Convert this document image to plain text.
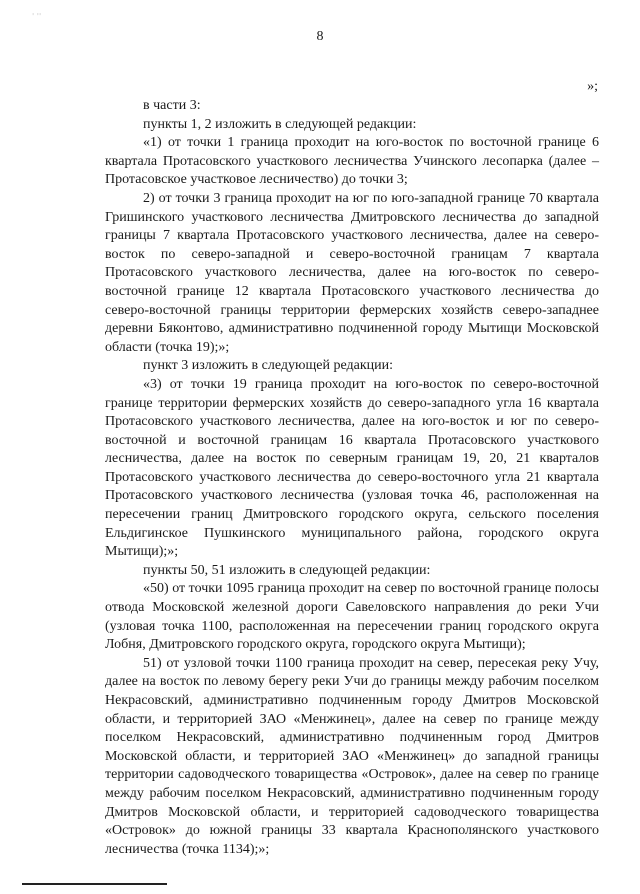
' ''
8
»;

в части 3:

пункты 1, 2 изложить в следующей редакции:

«1) от точки 1 граница проходит на юго-восток по восточной границе 6 квартала Протасовского участкового лесничества Учинского лесопарка (далее – Протасовское участковое лесничество) до точки 3;

2) от точки 3 граница проходит на юг по юго-западной границе 70 квартала Гришинского участкового лесничества Дмитровского лесничества до западной границы 7 квартала Протасовского участкового лесничества, далее на северо-восток по северо-западной и северо-восточной границам 7 квартала Протасовского участкового лесничества, далее на юго-восток по северо-восточной границе 12 квартала Протасовского участкового лесничества до северо-восточной границы территории фермерских хозяйств северо-западнее деревни Бяконтово, административно подчиненной городу Мытищи Московской области (точка 19);»;

пункт 3 изложить в следующей редакции:

«3) от точки 19 граница проходит на юго-восток по северо-восточной границе территории фермерских хозяйств до северо-западного угла 16 квартала Протасовского участкового лесничества, далее на юго-восток и юг по северо-восточной и восточной границам 16 квартала Протасовского участкового лесничества, далее на восток по северным границам 19, 20, 21 кварталов Протасовского участкового лесничества до северо-восточного угла 21 квартала Протасовского участкового лесничества (узловая точка 46, расположенная на пересечении границ Дмитровского городского округа, сельского поселения Ельдигинское Пушкинского муниципального района, городского округа Мытищи);»;

пункты 50, 51 изложить в следующей редакции:

«50) от точки 1095 граница проходит на север по восточной границе полосы отвода Московской железной дороги Савеловского направления до реки Учи (узловая точка 1100, расположенная на пересечении границ городского округа Лобня, Дмитровского городского округа, городского округа Мытищи);

51) от узловой точки 1100 граница проходит на север, пересекая реку Учу, далее на восток по левому берегу реки Учи до границы между рабочим поселком Некрасовский, административно подчиненным городу Дмитров Московской области, и территорией ЗАО «Менжинец», далее на север по границе между поселком Некрасовский, административно подчиненным город Дмитров Московской области, и территорией ЗАО «Менжинец» до западной границы территории садоводческого товарищества «Островок», далее на север по границе между рабочим поселком Некрасовский, административно подчиненным городу Дмитров Московской области, и территорией садоводческого товарищества «Островок» до южной границы 33 квартала Краснополянского участкового лесничества (точка 1134);»;
